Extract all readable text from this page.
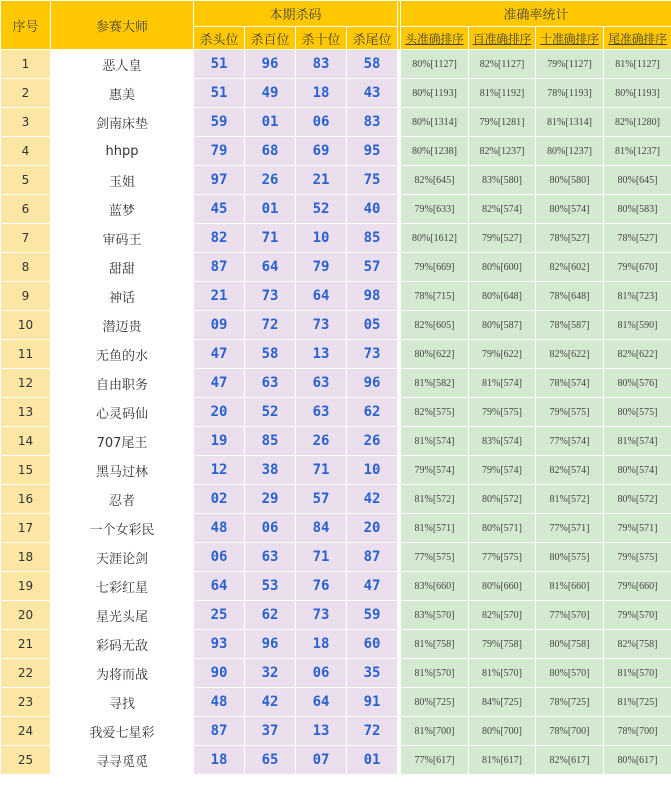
序号	参赛大师	本期杀码					准确率统计			
		杀头位	杀百位	杀十位	杀尾位		头准确排序	百准确排序	十准确排序	尾准确排序
1	恶人皇	51	96	83	58		80%[1127]	82%[1127]	79%[1127]	81%[1127]
2	惠美	51	49	18	43		80%[1193]	81%[1192]	78%[1193]	80%[1193]
3	剑南床垫	59	01	06	83		80%[1314]	79%[1281]	81%[1314]	82%[1280]
4	hhpp	79	68	69	95		80%[1238]	82%[1237]	80%[1237]	81%[1237]
5	玉姐	97	26	21	75		82%[645]	83%[580]	80%[580]	80%[645]
6	蓝梦	45	01	52	40		79%[633]	82%[574]	80%[574]	80%[583]
7	审码王	82	71	10	85		80%[1612]	79%[527]	78%[527]	78%[527]
8	甜甜	87	64	79	57		79%[669]	80%[600]	82%[602]	79%[670]
9	神话	21	73	64	98		78%[715]	80%[648]	78%[648]	81%[723]
10	潜迈贵	09	72	73	05		82%[605]	80%[587]	78%[587]	81%[590]
11	无鱼的水	47	58	13	73		80%[622]	79%[622]	82%[622]	82%[622]
12	自由职务	47	63	63	96		81%[582]	81%[574]	78%[574]	80%[576]
13	心灵码仙	20	52	63	62		82%[575]	79%[575]	79%[575]	80%[575]
14	707尾王	19	85	26	26		81%[574]	83%[574]	77%[574]	81%[574]
15	黑马过林	12	38	71	10		79%[574]	79%[574]	82%[574]	80%[574]
16	忍者	02	29	57	42		81%[572]	80%[572]	81%[572]	80%[572]
17	一个女彩民	48	06	84	20		81%[571]	80%[571]	77%[571]	79%[571]
18	天涯论剑	06	63	71	87		77%[575]	77%[575]	80%[575]	79%[575]
19	七彩红星	64	53	76	47		83%[660]	80%[660]	81%[660]	79%[660]
20	星光头尾	25	62	73	59		83%[570]	82%[570]	77%[570]	79%[570]
21	彩码无敌	93	96	18	60		81%[758]	79%[758]	80%[758]	82%[758]
22	为将而战	90	32	06	35		81%[570]	81%[570]	80%[570]	81%[570]
23	寻找	48	42	64	91		80%[725]	84%[725]	78%[725]	81%[725]
24	我爱七星彩	87	37	13	72		81%[700]	80%[700]	78%[700]	78%[700]
25	寻寻觅觅	18	65	07	01		77%[617]	81%[617]	82%[617]	80%[617]
